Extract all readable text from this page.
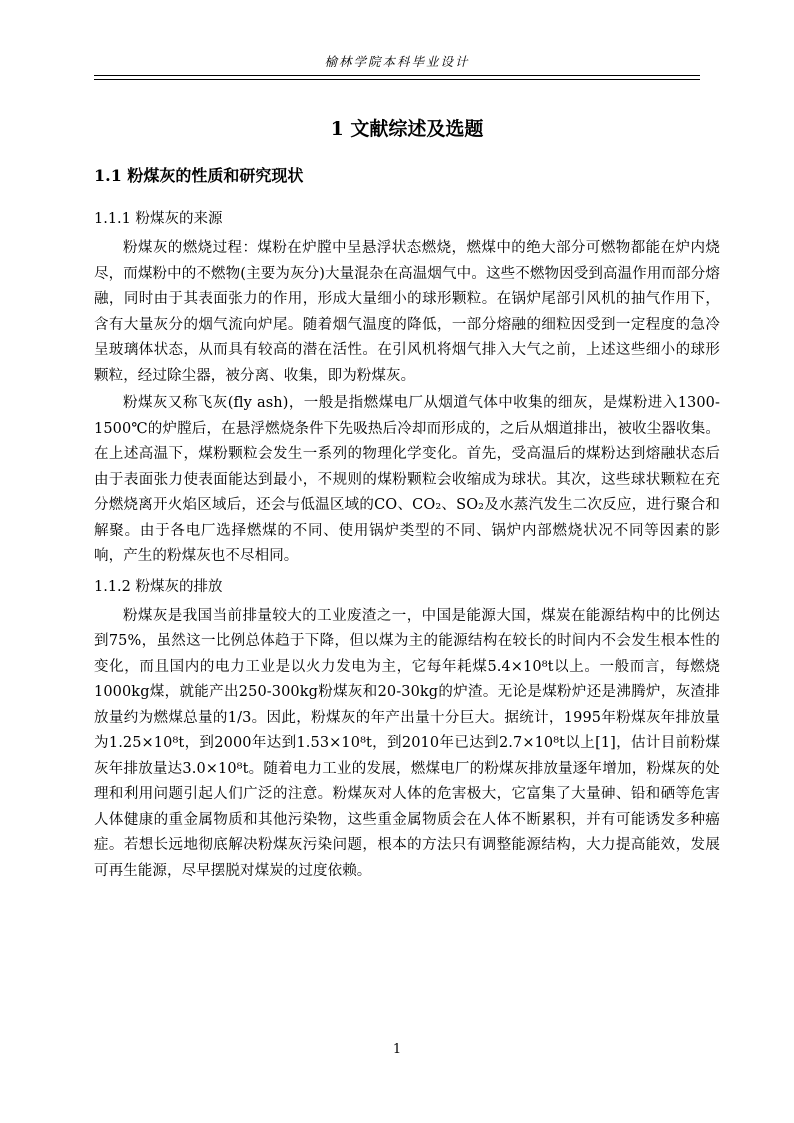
榆林学院本科毕业设计
1 文献综述及选题
1.1 粉煤灰的性质和研究现状
1.1.1 粉煤灰的来源

粉煤灰的燃烧过程：煤粉在炉膛中呈悬浮状态燃烧，燃煤中的绝大部分可燃物都能在炉内烧尽，而煤粉中的不燃物(主要为灰分)大量混杂在高温烟气中。这些不燃物因受到高温作用而部分熔融，同时由于其表面张力的作用，形成大量细小的球形颗粒。在锅炉尾部引风机的抽气作用下，含有大量灰分的烟气流向炉尾。随着烟气温度的降低，一部分熔融的细粒因受到一定程度的急冷呈玻璃体状态，从而具有较高的潜在活性。在引风机将烟气排入大气之前，上述这些细小的球形颗粒，经过除尘器，被分离、收集，即为粉煤灰。

粉煤灰又称飞灰(fly ash)，一般是指燃煤电厂从烟道气体中收集的细灰，是煤粉进入1300-1500℃的炉膛后，在悬浮燃烧条件下先吸热后冷却而形成的，之后从烟道排出，被收尘器收集。在上述高温下，煤粉颗粒会发生一系列的物理化学变化。首先，受高温后的煤粉达到熔融状态后由于表面张力使表面能达到最小，不规则的煤粉颗粒会收缩成为球状。其次，这些球状颗粒在充分燃烧离开火焰区域后，还会与低温区域的CO、CO₂、SO₂及水蒸汽发生二次反应，进行聚合和解聚。由于各电厂选择燃煤的不同、使用锅炉类型的不同、锅炉内部燃烧状况不同等因素的影响，产生的粉煤灰也不尽相同。

1.1.2 粉煤灰的排放

粉煤灰是我国当前排量较大的工业废渣之一，中国是能源大国，煤炭在能源结构中的比例达到75%，虽然这一比例总体趋于下降，但以煤为主的能源结构在较长的时间内不会发生根本性的变化，而且国内的电力工业是以火力发电为主，它每年耗煤5.4×10⁸t以上。一般而言，每燃烧1000kg煤，就能产出250-300kg粉煤灰和20-30kg的炉渣。无论是煤粉炉还是沸腾炉，灰渣排放量约为燃煤总量的1/3。因此，粉煤灰的年产出量十分巨大。据统计，1995年粉煤灰年排放量为1.25×10⁸t，到2000年达到1.53×10⁸t，到2010年已达到2.7×10⁸t以上[1]，估计目前粉煤灰年排放量达3.0×10⁸t。随着电力工业的发展，燃煤电厂的粉煤灰排放量逐年增加，粉煤灰的处理和利用问题引起人们广泛的注意。粉煤灰对人体的危害极大，它富集了大量砷、铅和硒等危害人体健康的重金属物质和其他污染物，这些重金属物质会在人体不断累积，并有可能诱发多种癌症。若想长远地彻底解决粉煤灰污染问题，根本的方法只有调整能源结构，大力提高能效，发展可再生能源，尽早摆脱对煤炭的过度依赖。

1
